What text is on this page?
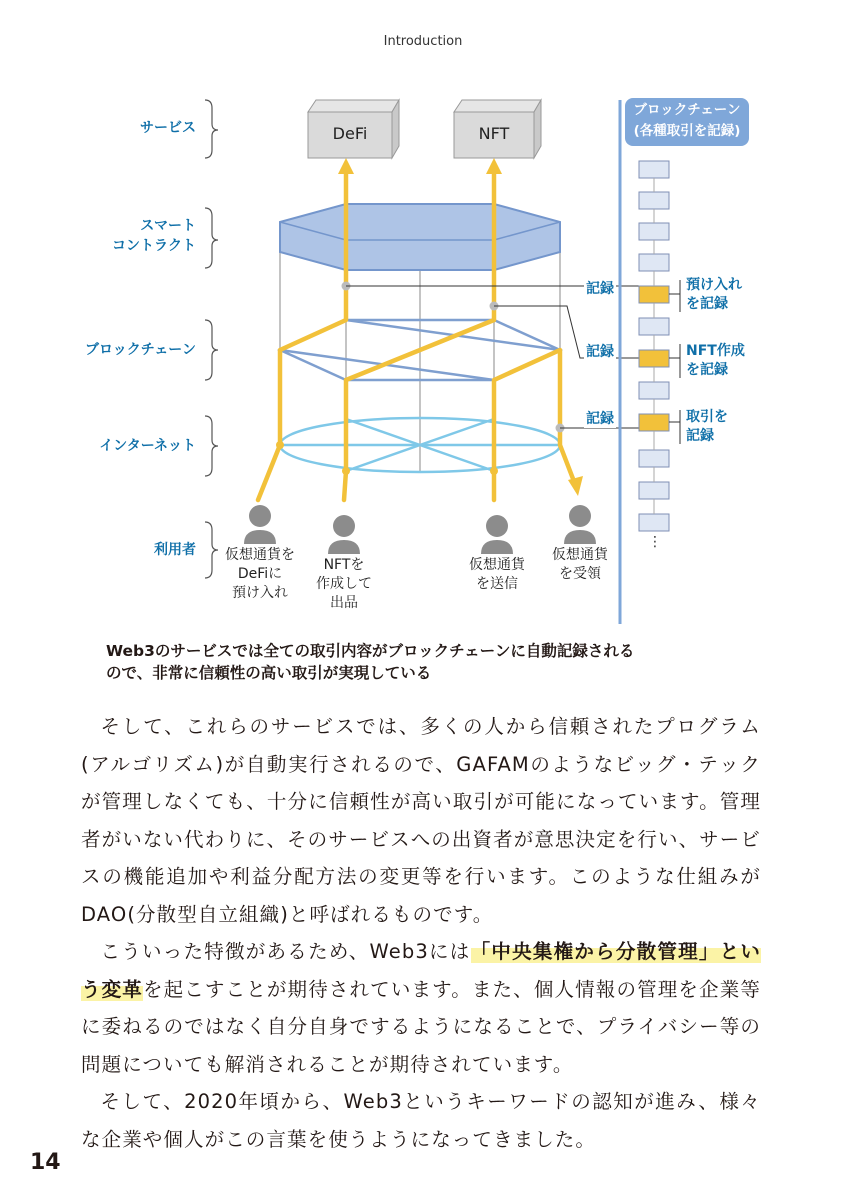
Introduction
サービス
スマート
コントラクト
ブロックチェーン
インターネット
利用者
DeFi	NFT
ブロックチェーン
(各種取引を記録)
記録
記録
記録
預け入れ
を記録
NFT作成
を記録
取引を
記録
⋮
仮想通貨を
DeFiに
預け入れ
NFTを
作成して
出品
仮想通貨
を送信
仮想通貨
を受領
Web3のサービスでは全ての取引内容がブロックチェーンに自動記録される
ので、非常に信頼性の高い取引が実現している

そして、これらのサービスでは、多くの人から信頼されたプログラム(アルゴリズム)が自動実行されるので、GAFAMのようなビッグ・テックが管理しなくても、十分に信頼性が高い取引が可能になっています。管理者がいない代わりに、そのサービスへの出資者が意思決定を行い、サービスの機能追加や利益分配方法の変更等を行います。このような仕組みがDAO(分散型自立組織)と呼ばれるものです。

こういった特徴があるため、Web3には「中央集権から分散管理」という変革を起こすことが期待されています。また、個人情報の管理を企業等に委ねるのではなく自分自身でするようになることで、プライバシー等の問題についても解消されることが期待されています。

そして、2020年頃から、Web3というキーワードの認知が進み、様々な企業や個人がこの言葉を使うようになってきました。

14
